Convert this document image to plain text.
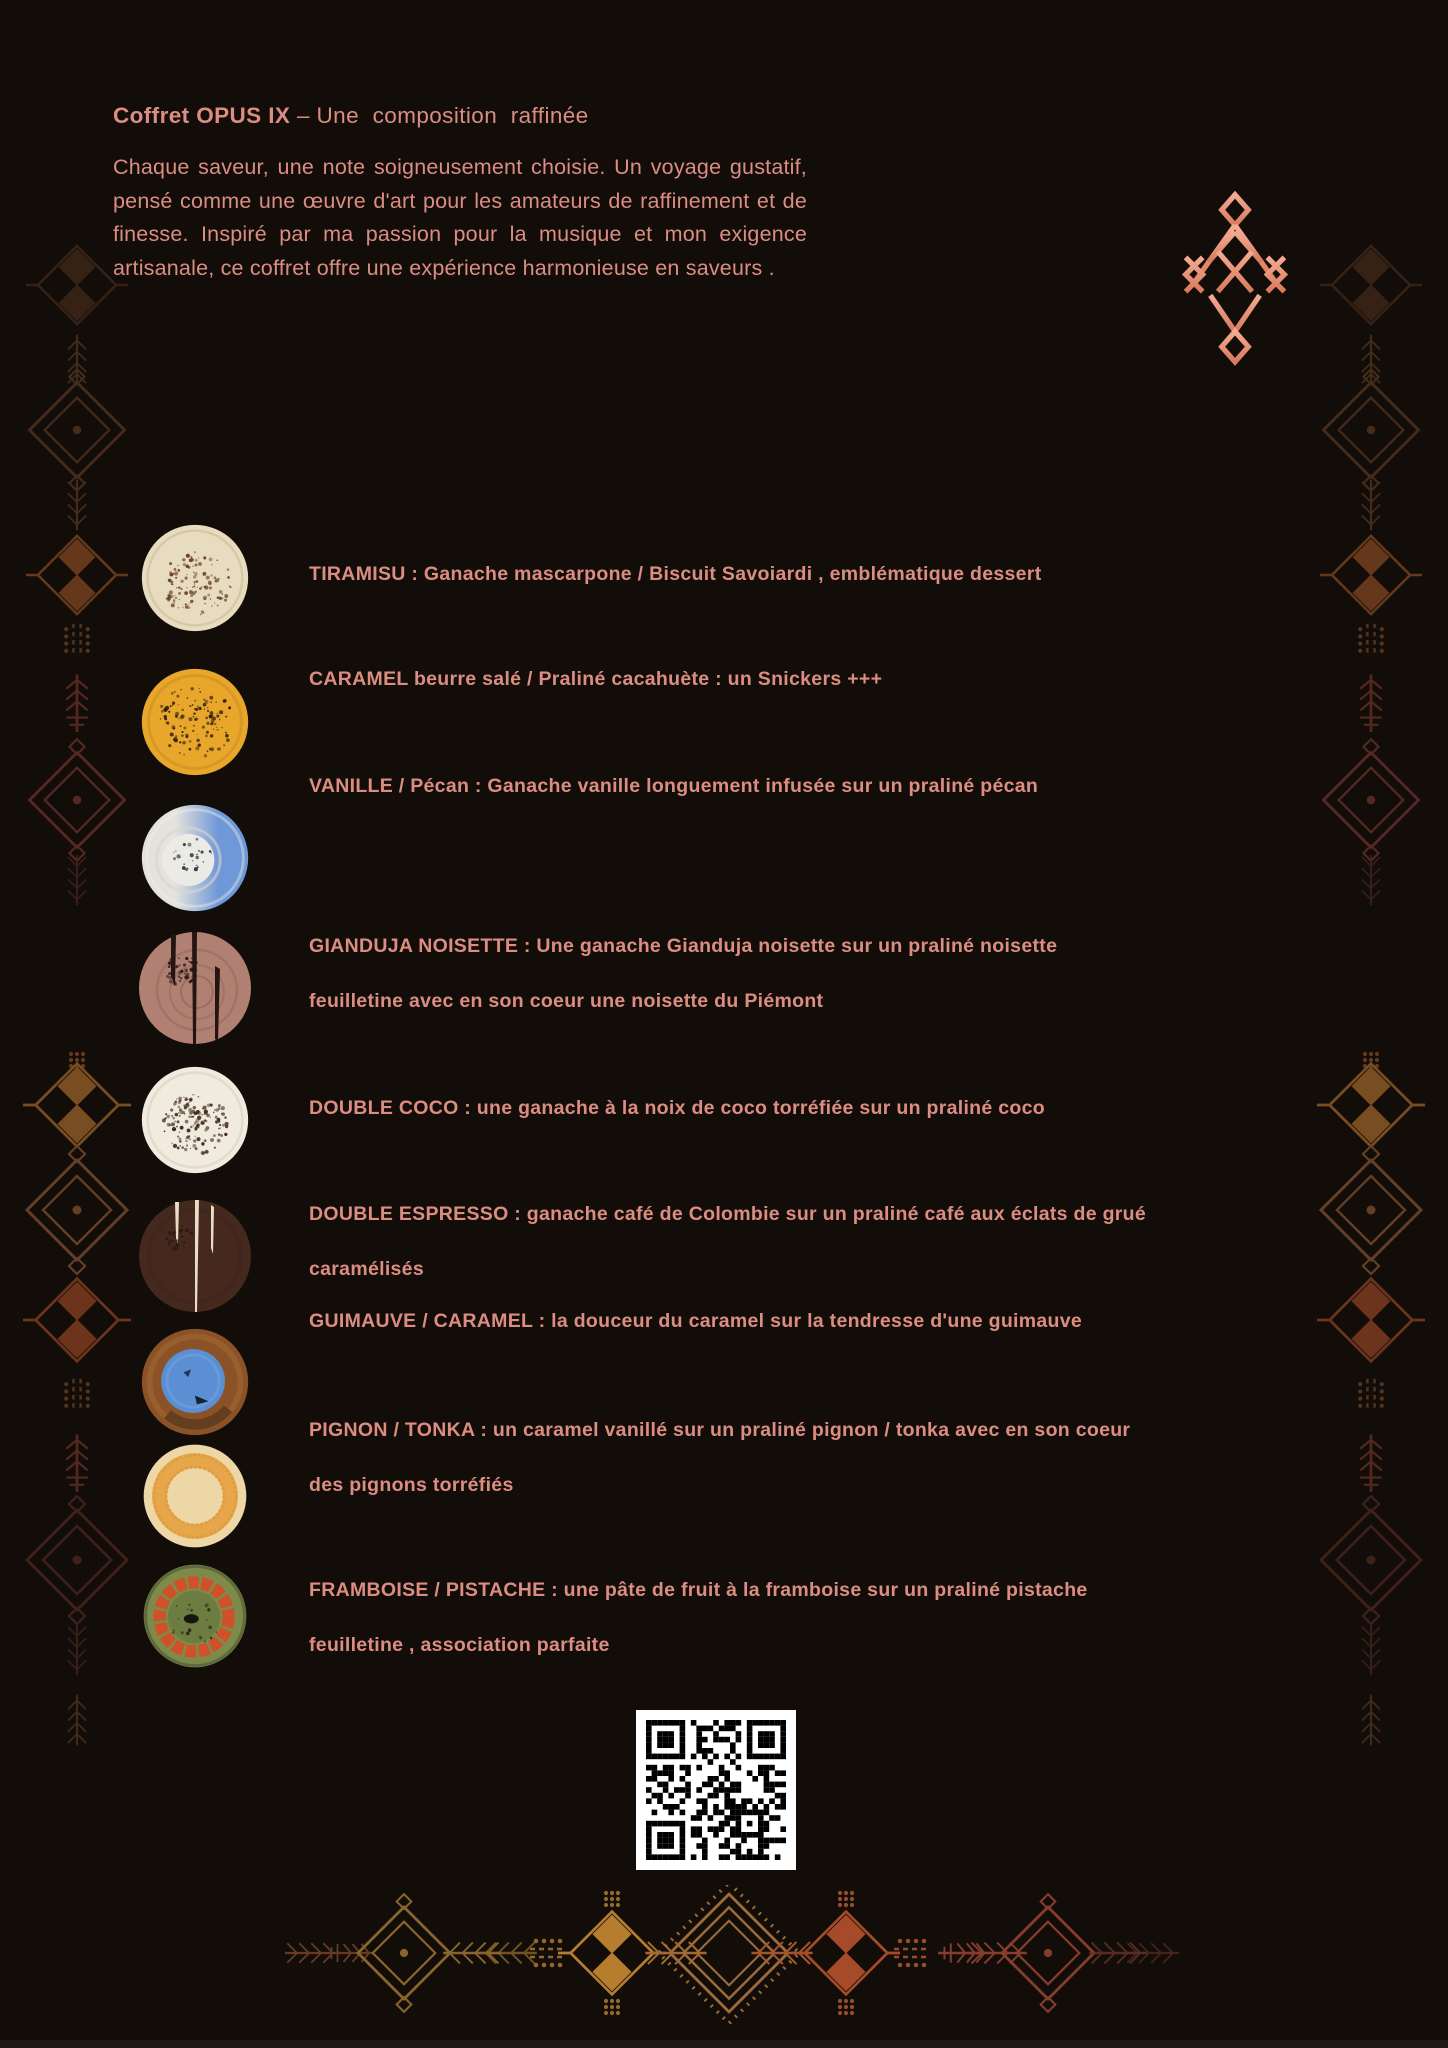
Coffret OPUS IX – Une composition raffinée
Chaque saveur, une note soigneusement choisie. Un voyage gustatif,
pensé comme une œuvre d'art pour les amateurs de raffinement et de
finesse. Inspiré par ma passion pour la musique et mon exigence
artisanale, ce coffret offre une expérience harmonieuse en saveurs .
TIRAMISU : Ganache mascarpone / Biscuit Savoiardi , emblématique dessert
CARAMEL beurre salé / Praliné cacahuète : un Snickers +++
VANILLE / Pécan : Ganache vanille longuement infusée sur un praliné pécan
GIANDUJA NOISETTE : Une ganache Gianduja noisette sur un praliné noisette
feuilletine avec en son coeur une noisette du Piémont
DOUBLE COCO : une ganache à la noix de coco torréfiée sur un praliné coco
DOUBLE ESPRESSO : ganache café de Colombie sur un praliné café aux éclats de grué
caramélisés
GUIMAUVE / CARAMEL : la douceur du caramel sur la tendresse d'une guimauve
PIGNON / TONKA : un caramel vanillé sur un praliné pignon / tonka avec en son coeur
des pignons torréfiés
FRAMBOISE / PISTACHE : une pâte de fruit à la framboise sur un praliné pistache
feuilletine , association parfaite
